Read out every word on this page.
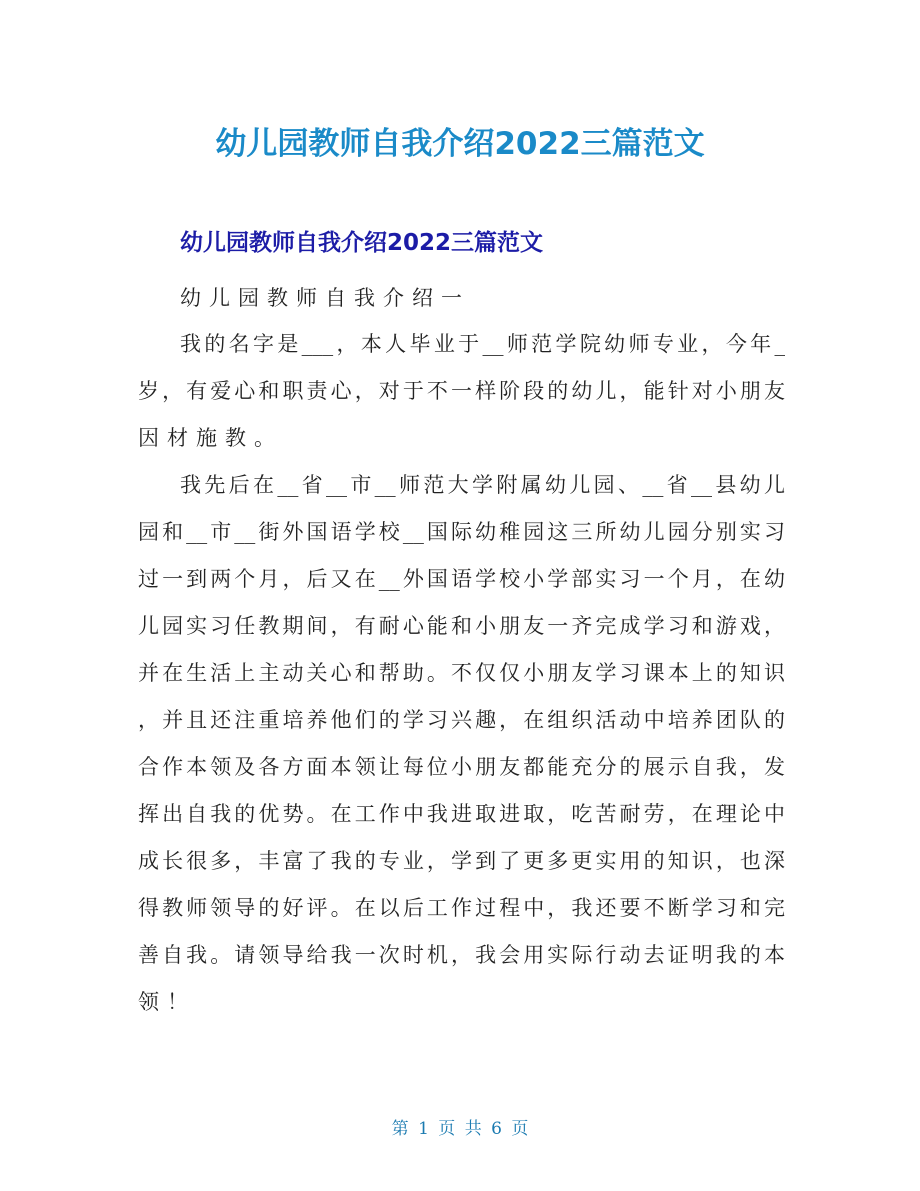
幼儿园教师自我介绍2022三篇范文
幼儿园教师自我介绍2022三篇范文
幼儿园教师自我介绍一
我的名字是___，本人毕业于__师范学院幼师专业，今年_
岁，有爱心和职责心，对于不一样阶段的幼儿，能针对小朋友
因材施教。
我先后在__省__市__师范大学附属幼儿园、__省__县幼儿
园和__市__街外国语学校__国际幼稚园这三所幼儿园分别实习
过一到两个月，后又在__外国语学校小学部实习一个月，在幼
儿园实习任教期间，有耐心能和小朋友一齐完成学习和游戏，
并在生活上主动关心和帮助。不仅仅小朋友学习课本上的知识
，并且还注重培养他们的学习兴趣，在组织活动中培养团队的
合作本领及各方面本领让每位小朋友都能充分的展示自我，发
挥出自我的优势。在工作中我进取进取，吃苦耐劳，在理论中
成长很多，丰富了我的专业，学到了更多更实用的知识，也深
得教师领导的好评。在以后工作过程中，我还要不断学习和完
善自我。请领导给我一次时机，我会用实际行动去证明我的本
领！
第 1 页 共 6 页
